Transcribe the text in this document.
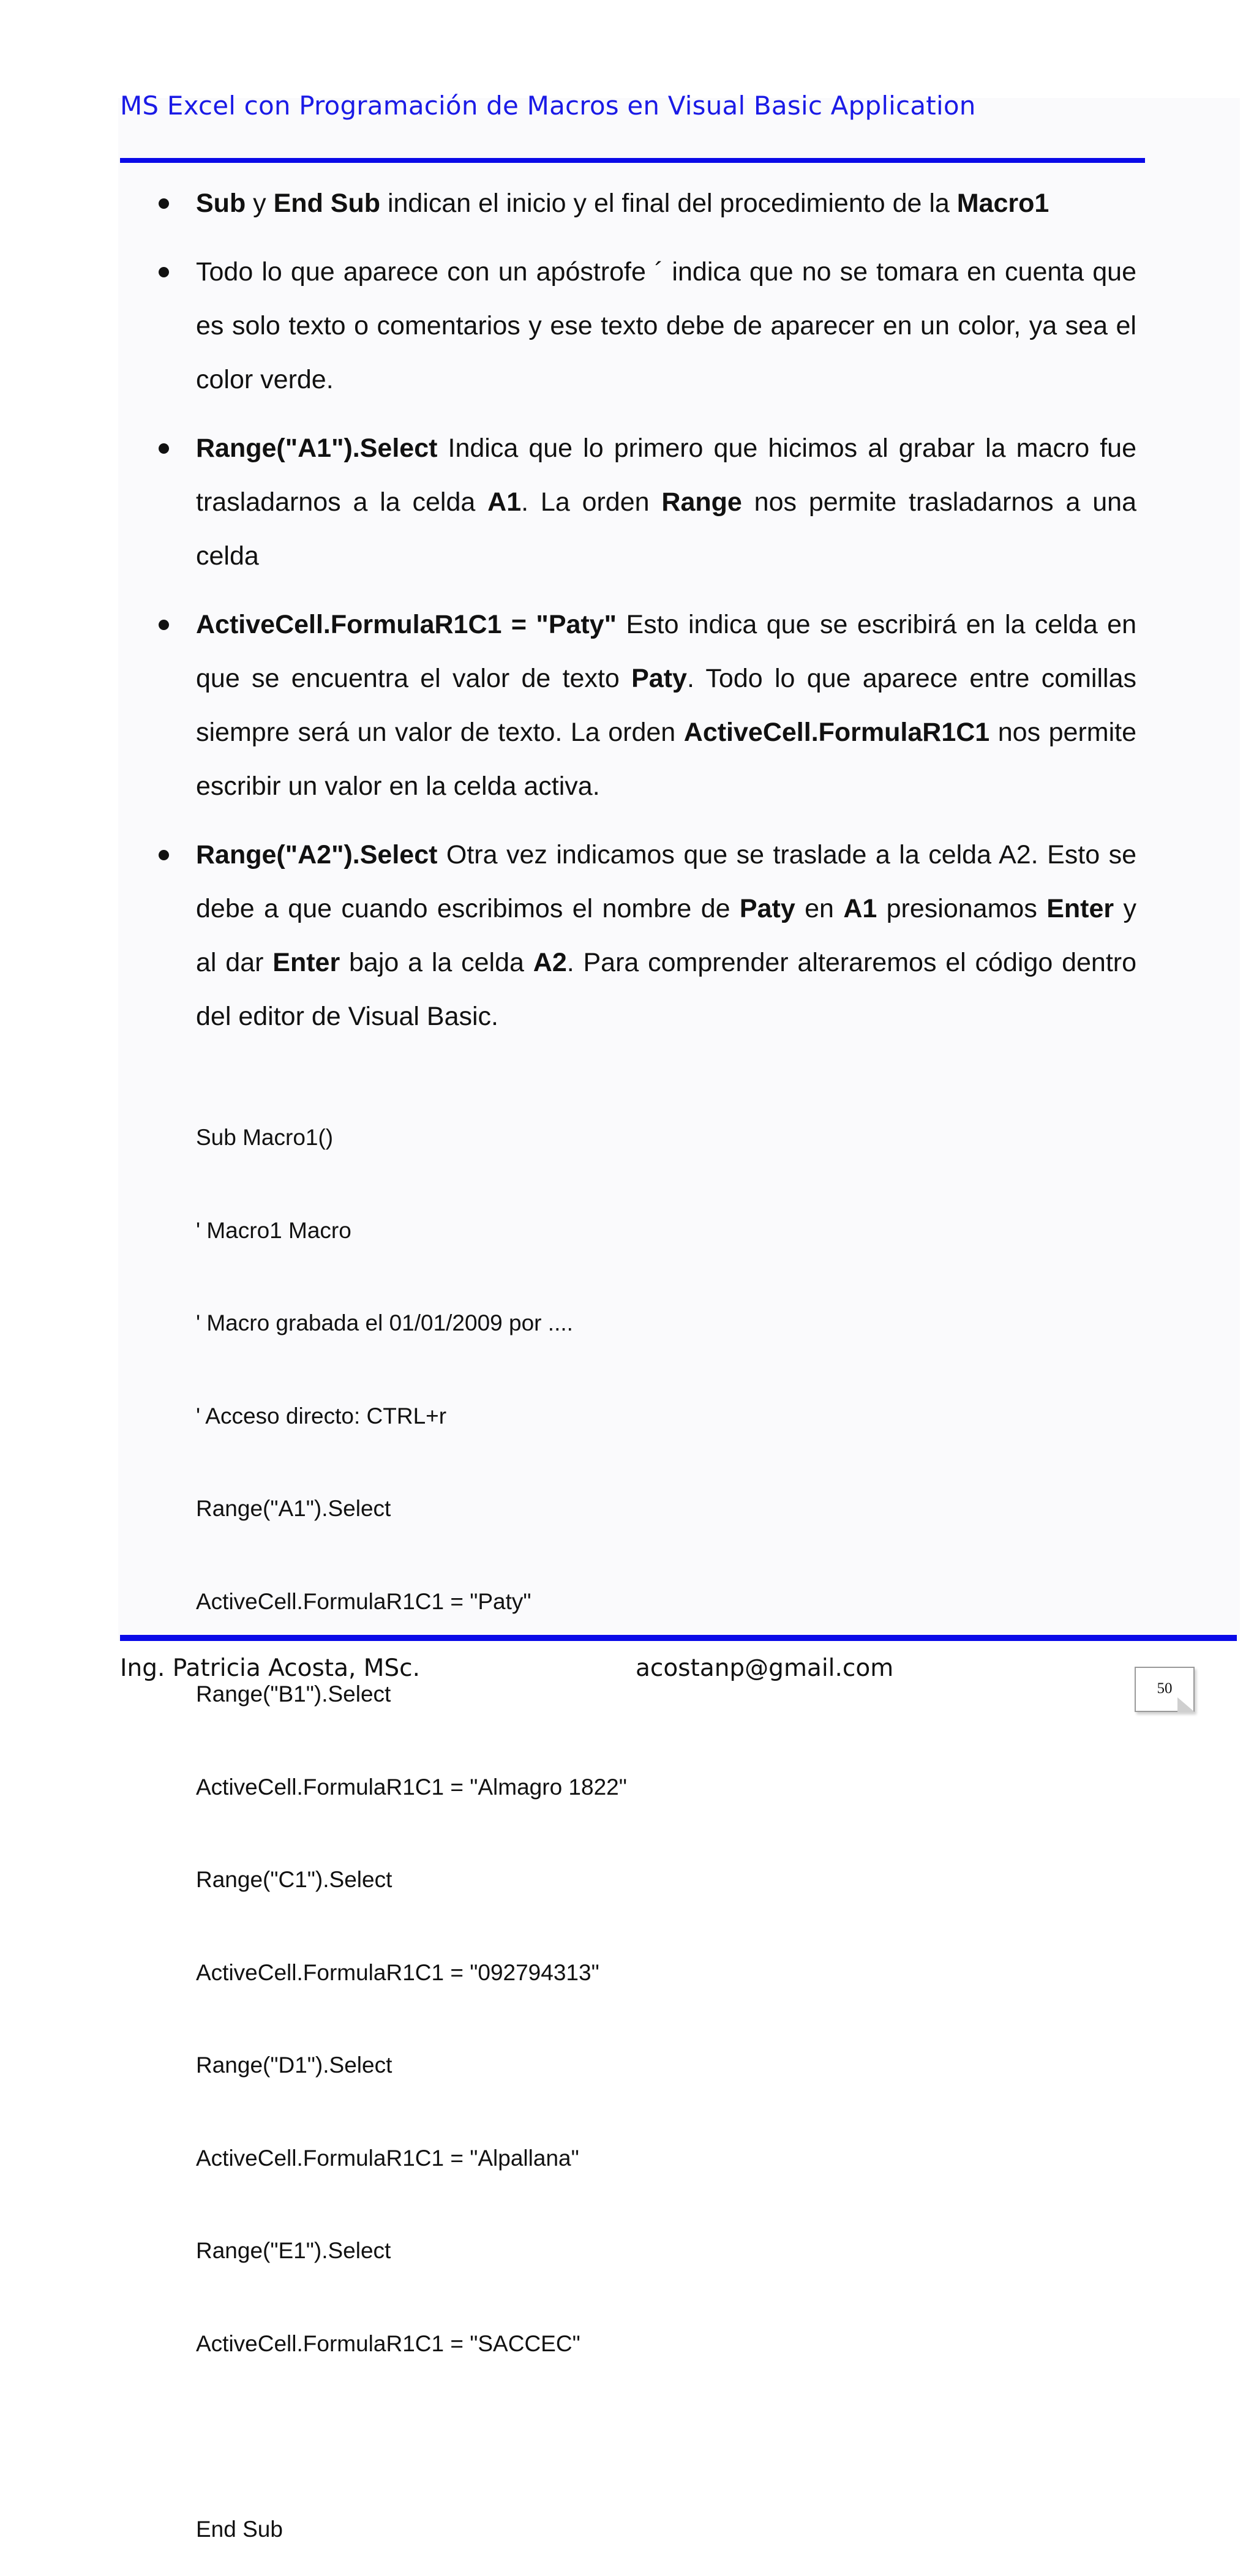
MS Excel con Programación de Macros en Visual Basic Application
Sub y End Sub indican el inicio y el final del procedimiento de la Macro1
Todo lo que aparece con un apóstrofe ´ indica que no se tomara en cuenta que es solo texto o comentarios y ese texto debe de aparecer en un color, ya sea el color verde.
Range("A1").Select Indica que lo primero que hicimos al grabar la macro fue trasladarnos a la celda A1. La orden Range nos permite trasladarnos a una celda
ActiveCell.FormulaR1C1 = "Paty" Esto indica que se escribirá en la celda en que se encuentra el valor de texto Paty. Todo lo que aparece entre comillas siempre será un valor de texto. La orden ActiveCell.FormulaR1C1 nos permite escribir un valor en la celda activa.
Range("A2").Select Otra vez indicamos que se traslade a la celda A2. Esto se debe a que cuando escribimos el nombre de Paty en A1 presionamos Enter y al dar Enter bajo a la celda A2. Para comprender alteraremos el código dentro del editor de Visual Basic.

Sub Macro1()

' Macro1 Macro

' Macro grabada el 01/01/2009 por ....

' Acceso directo: CTRL+r

Range("A1").Select

ActiveCell.FormulaR1C1 = "Paty"

Range("B1").Select

ActiveCell.FormulaR1C1 = "Almagro 1822"

Range("C1").Select

ActiveCell.FormulaR1C1 = "092794313"

Range("D1").Select

ActiveCell.FormulaR1C1 = "Alpallana"

Range("E1").Select

ActiveCell.FormulaR1C1 = "SACCEC"

End Sub

Ing. Patricia Acosta, MSc.	acostanp@gmail.com
50
